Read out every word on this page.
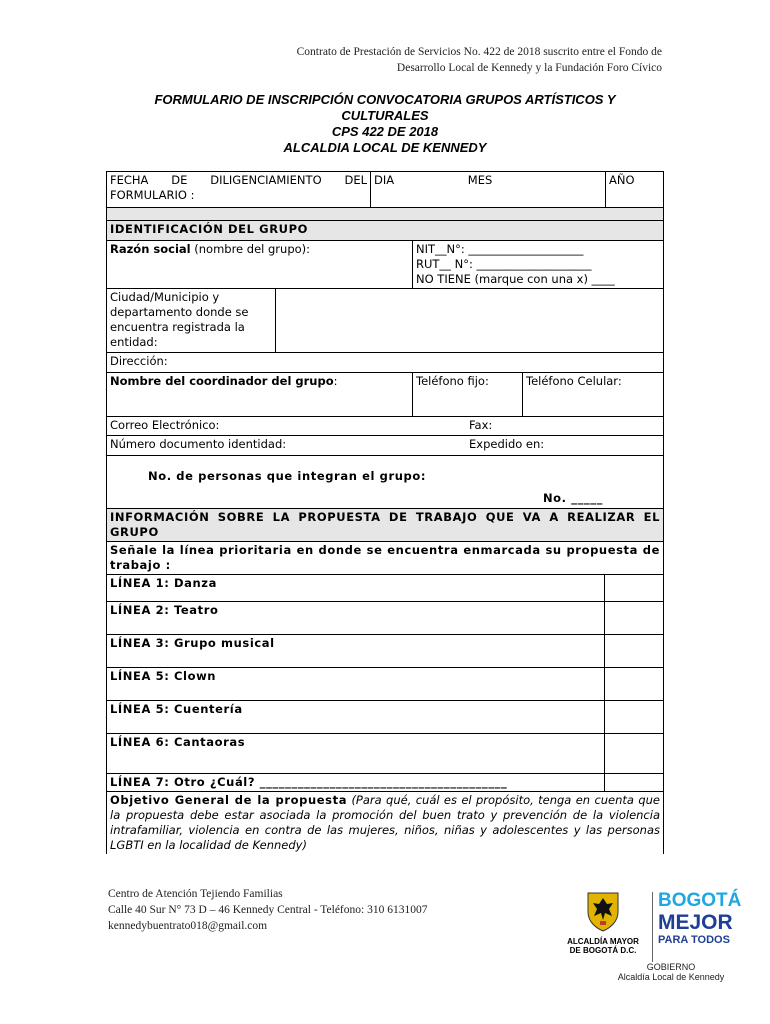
Contrato de Prestación de Servicios No. 422 de 2018 suscrito entre el Fondo de
Desarrollo Local de Kennedy y la Fundación Foro Cívico
FORMULARIO DE INSCRIPCIÓN CONVOCATORIA GRUPOS ARTÍSTICOS Y
CULTURALES
CPS 422 DE 2018
ALCALDIA LOCAL DE KENNEDY
FECHA DE DILIGENCIAMIENTO DEL FORMULARIO :	DIA	MES	AÑO

IDENTIFICACIÓN DEL GRUPO			
Razón social (nombre del grupo):		NIT__N°: ____________________
RUT__ N°: ____________________
NO TIENE (marque con una x) ____	

Ciudad/Municipio y departamento donde se encuentra registrada la entidad:			
Dirección:			
Nombre del coordinador del grupo:		Teléfono fijo:	Teléfono Celular:
Correo Electrónico: Fax:			

Número documento identidad: Expedido en:			

No. de personas que integran el grupo:
No. _____			
INFORMACIÓN SOBRE LA PROPUESTA DE TRABAJO QUE VA A REALIZAR EL GRUPO	
Señale la línea prioritaria en donde se encuentra enmarcada su propuesta de trabajo :	
LÍNEA 1: Danza	
LÍNEA 2: Teatro	
LÍNEA 3: Grupo musical	
LÍNEA 5: Clown	
LÍNEA 5: Cuentería	
LÍNEA 6: Cantaoras	
LÍNEA 7: Otro ¿Cuál? _______________________________________	
Objetivo General de la propuesta (Para qué, cuál es el propósito, tenga en cuenta que la propuesta debe estar asociada la promoción del buen trato y prevención de la violencia intrafamiliar, violencia en contra de las mujeres, niños, niñas y adolescentes y las personas LGBTI en la localidad de Kennedy)	
Centro de Atención Tejiendo Familias
Calle 40 Sur N° 73 D – 46 Kennedy Central - Teléfono: 310 6131007
kennedybuentrato018@gmail.com
ALCALDÍA MAYOR
DE BOGOTÁ D.C.
BOGOTÁ
MEJOR
PARA TODOS
GOBIERNO
Alcaldía Local de Kennedy
